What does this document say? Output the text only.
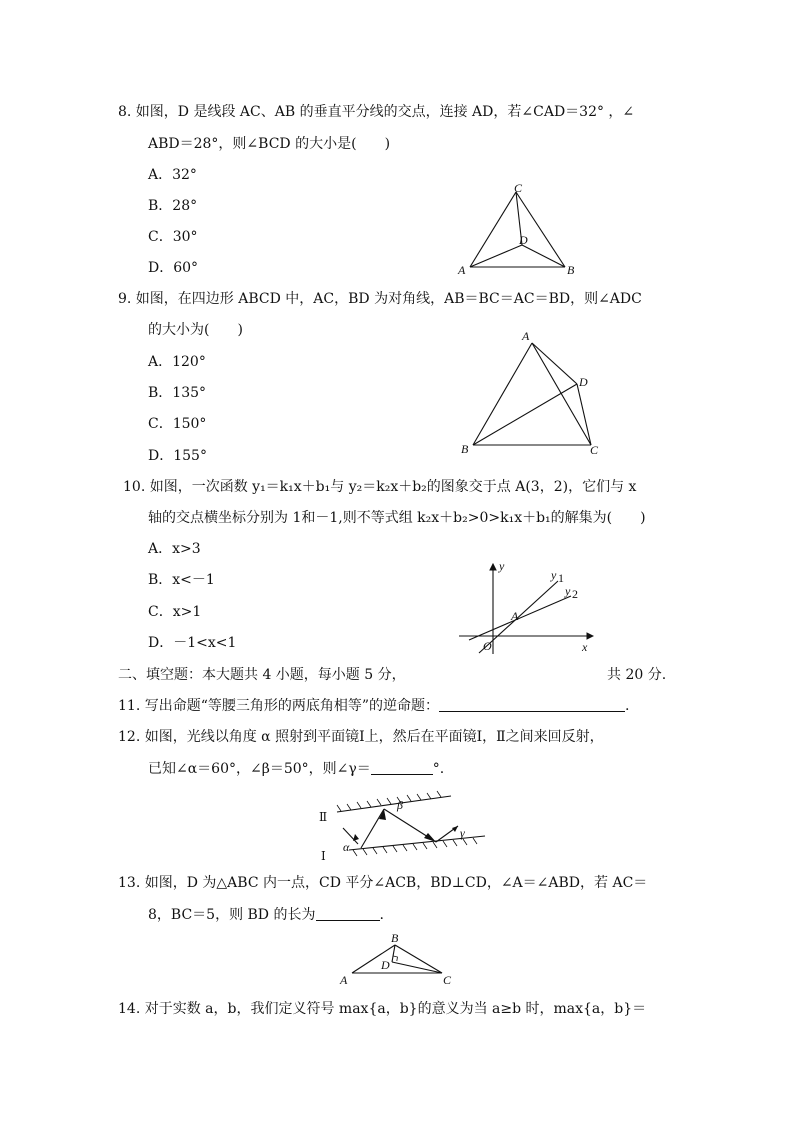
8. 如图，D 是线段 AC、AB 的垂直平分线的交点，连接 AD，若∠CAD＝32° ，∠
ABD＝28°，则∠BCD 的大小是(　　)
A．32°
B．28°
C．30°
D．60°	A	B
C
D
9. 如图，在四边形 ABCD 中，AC，BD 为对角线，AB＝BC＝AC＝BD，则∠ADC
的大小为(　　)
A．120°
B．135°
C．150°
D．155°
A
B	C
D
10. 如图，一次函数 y₁＝k₁x＋b₁与 y₂＝k₂x＋b₂的图象交于点 A(3，2)，它们与 x
轴的交点横坐标分别为 1和－1,则不等式组 k₂x＋b₂>0>k₁x＋b₁的解集为(　　)
A．x>3
B．x<－1
C．x>1
D．－1<x<1
y
x
O
A
y 1
y 2
二、填空题：本大题共 4 小题，每小题 5 分，	共 20 分.
11. 写出命题“等腰三角形的两底角相等”的逆命题：	.
12. 如图，光线以角度 α 照射到平面镜Ⅰ上，然后在平面镜Ⅰ，Ⅱ之间来回反射，
已知∠α＝60°，∠β＝50°，则∠γ＝	°.
Ⅱ
Ⅰ
α
β
γ
13. 如图，D 为△ABC 内一点，CD 平分∠ACB，BD⊥CD，∠A＝∠ABD，若 AC＝
8，BC＝5，则 BD 的长为	.
A
B
C
D
14. 对于实数 a，b，我们定义符号 max{a，b}的意义为当 a≥b 时，max{a，b}＝
